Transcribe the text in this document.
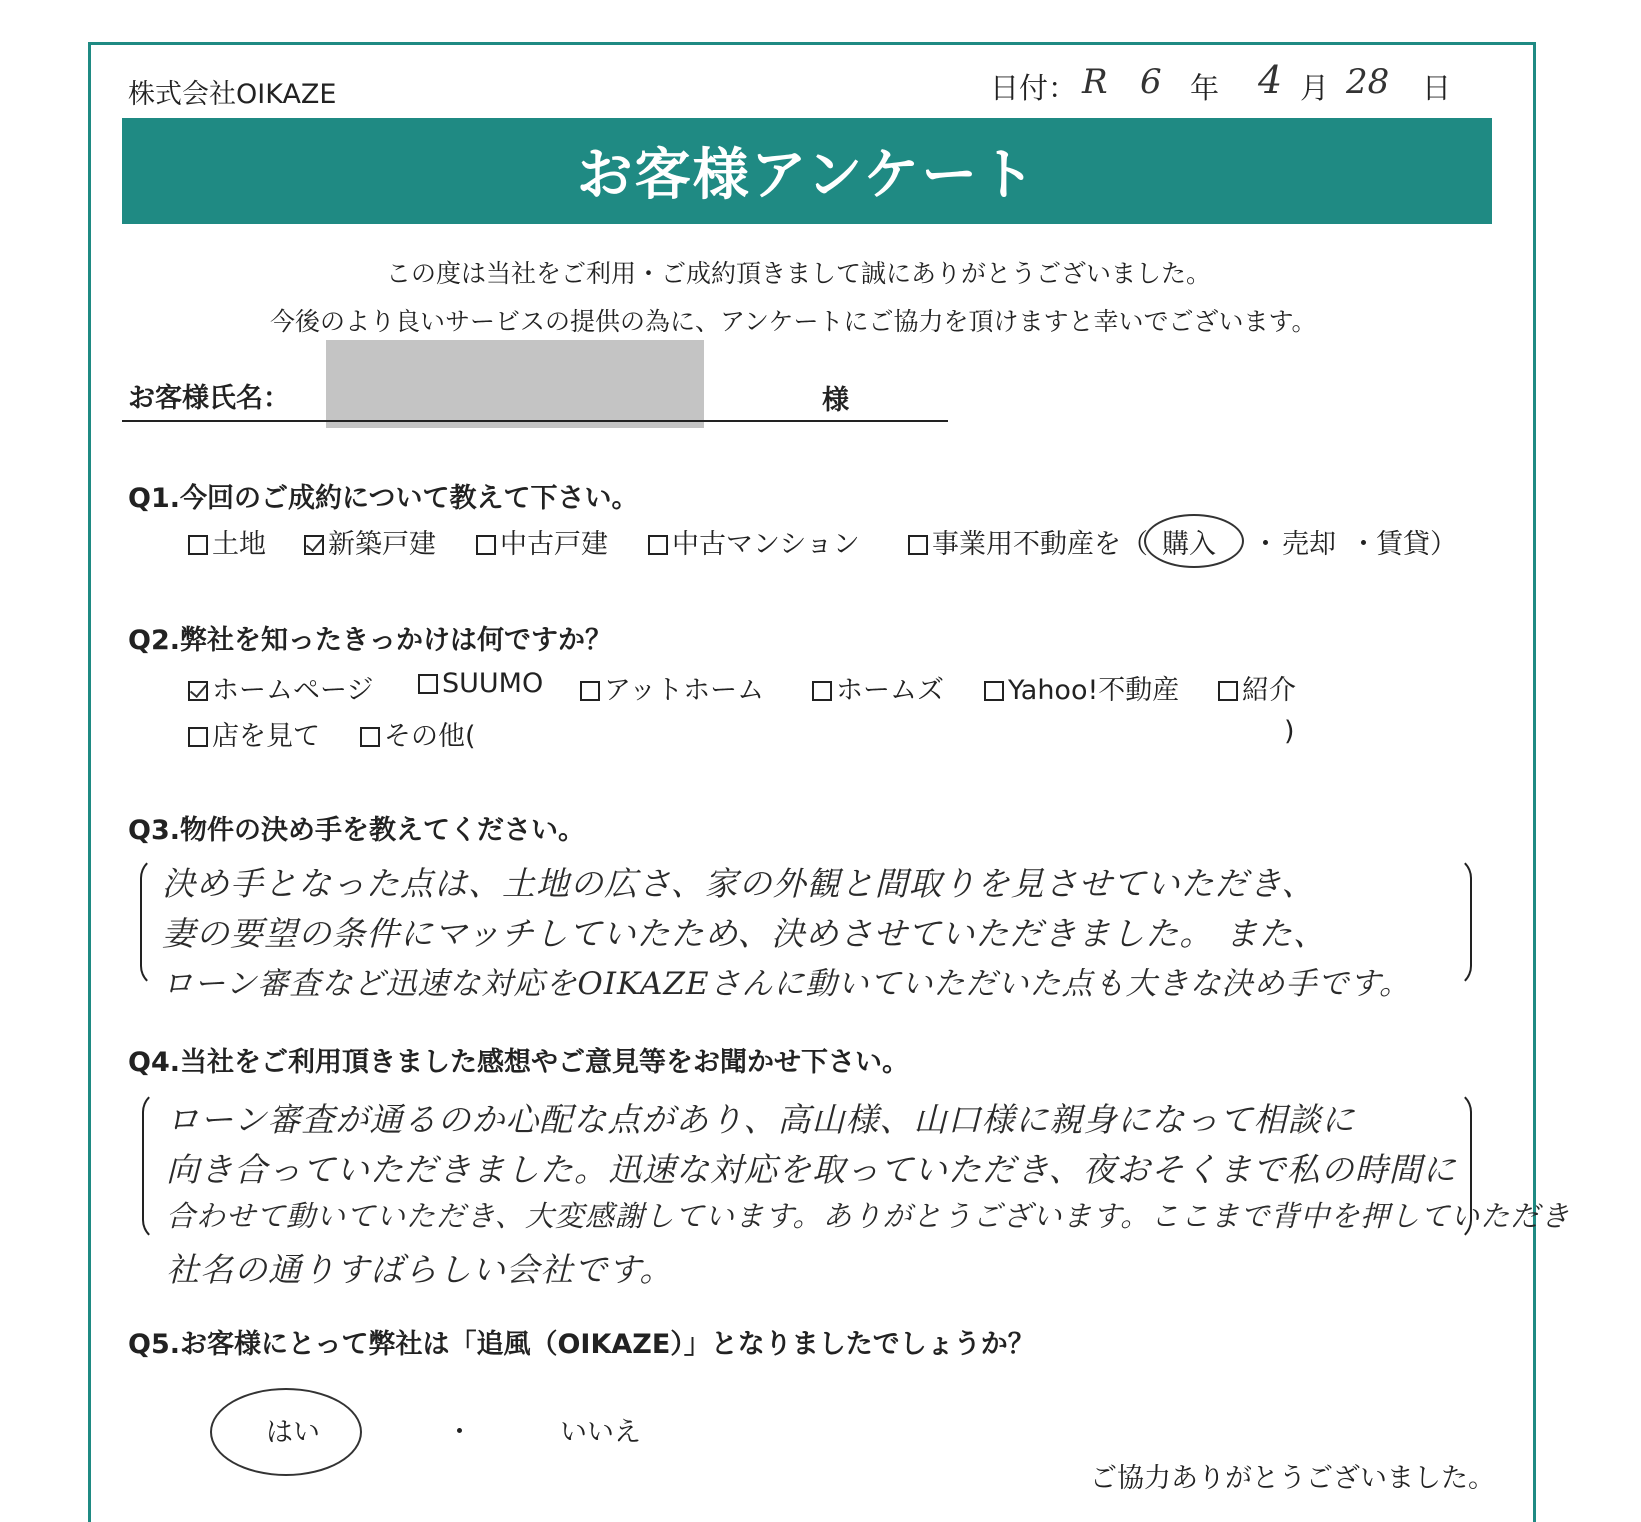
株式会社OIKAZE	日付： R 6 年 4 月 28 日
お客様アンケート
この度は当社をご利用・ご成約頂きまして誠にありがとうございました。
今後のより良いサービスの提供の為に、アンケートにご協力を頂けますと幸いでございます。
お客様氏名：	様
Q1.今回のご成約について教えて下さい。
土地	新築戸建	中古戸建	中古マンション	事業用不動産を（ 購入 ・ 売却 ・ 賃貸）
Q2.弊社を知ったきっかけは何ですか？
ホームページ	SUUMO	アットホーム	ホームズ	Yahoo!不動産	紹介
店を見て	その他(	)
Q3.物件の決め手を教えてください。
決め手となった点は、土地の広さ、家の外観と間取りを見させていただき、
妻の要望の条件にマッチしていたため、決めさせていただきました。 また、
ローン審査など迅速な対応をOIKAZEさんに動いていただいた点も大きな決め手です。
Q4.当社をご利用頂きました感想やご意見等をお聞かせ下さい。
ローン審査が通るのか心配な点があり、高山様、山口様に親身になって相談に
向き合っていただきました。迅速な対応を取っていただき、夜おそくまで私の時間に
合わせて動いていただき、大変感謝しています。ありがとうございます。ここまで背中を押していただき
社名の通りすばらしい会社です。
Q5.お客様にとって弊社は「追風（OIKAZE）」となりましたでしょうか？
はい	・	いいえ
ご協力ありがとうございました。
